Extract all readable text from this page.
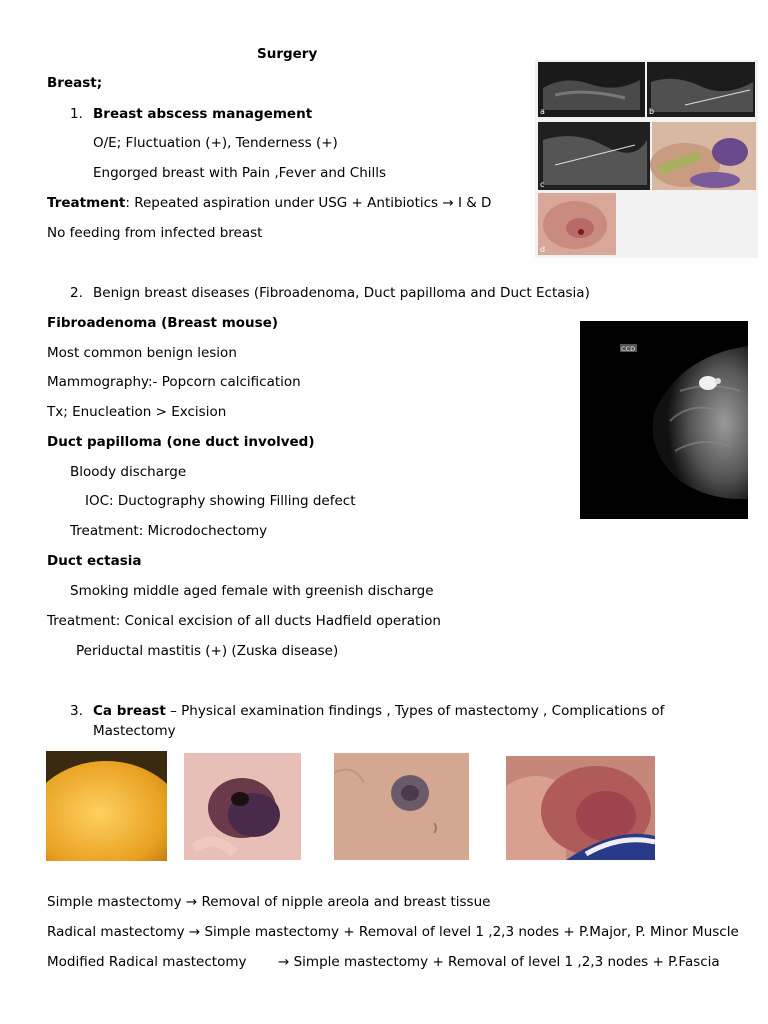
Surgery
Breast;
1. Breast abscess management
O/E; Fluctuation (+), Tenderness (+)
Engorged breast with Pain ,Fever and Chills
Treatment: Repeated aspiration under USG + Antibiotics → I & D
No feeding from infected breast
a	b
c
d
2. Benign breast diseases (Fibroadenoma, Duct papilloma and Duct Ectasia)
Fibroadenoma (Breast mouse)
Most common benign lesion
Mammography:- Popcorn calcification
Tx; Enucleation > Excision
Duct papilloma (one duct involved)
Bloody discharge
IOC: Ductography showing Filling defect
Treatment: Microdochectomy
Duct ectasia
Smoking middle aged female with greenish discharge
Treatment: Conical excision of all ducts Hadfield operation
Periductal mastitis (+) (Zuska disease)
CCD
3. Ca breast – Physical examination findings , Types of mastectomy , Complications of
Mastectomy
Simple mastectomy → Removal of nipple areola and breast tissue
Radical mastectomy → Simple mastectomy + Removal of level 1 ,2,3 nodes + P.Major, P. Minor Muscle
Modified Radical mastectomy → Simple mastectomy + Removal of level 1 ,2,3 nodes + P.Fascia
